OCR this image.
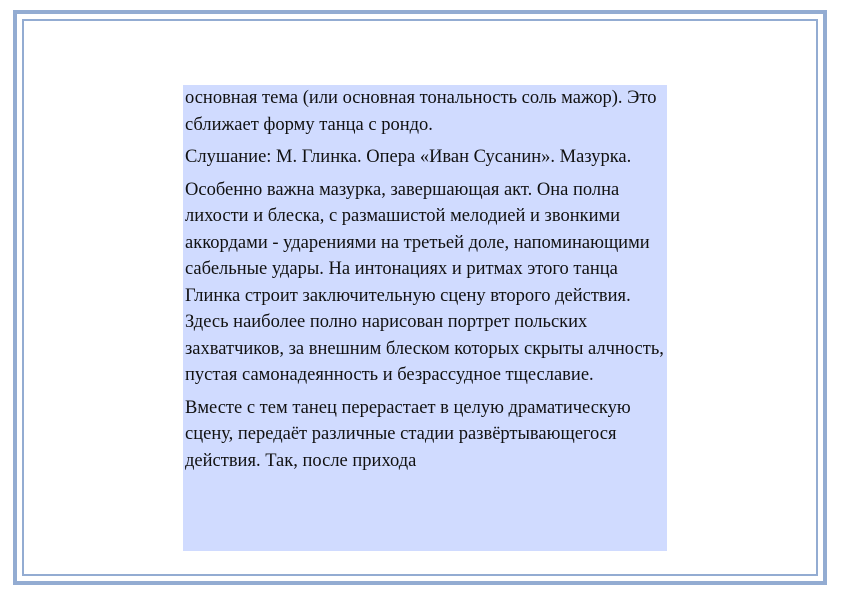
основная тема (или основная тональность соль мажор). Это сближает форму танца с рондо.

Слушание: М. Глинка. Опера «Иван Сусанин». Мазурка.

Особенно важна мазурка, завершающая акт. Она полна лихости и блеска, с размашистой мелодией и звонкими аккордами - ударениями на третьей доле, напоминающими сабельные удары. На интонациях и ритмах этого танца Глинка строит заключительную сцену второго действия. Здесь наиболее полно нарисован портрет польских захватчиков, за внешним блеском которых скрыты алчность, пустая самонадеянность и безрассудное тщеславие.

Вместе с тем танец перерастает в целую драматическую сцену, передаёт различные стадии развёртывающегося действия. Так, после прихода
